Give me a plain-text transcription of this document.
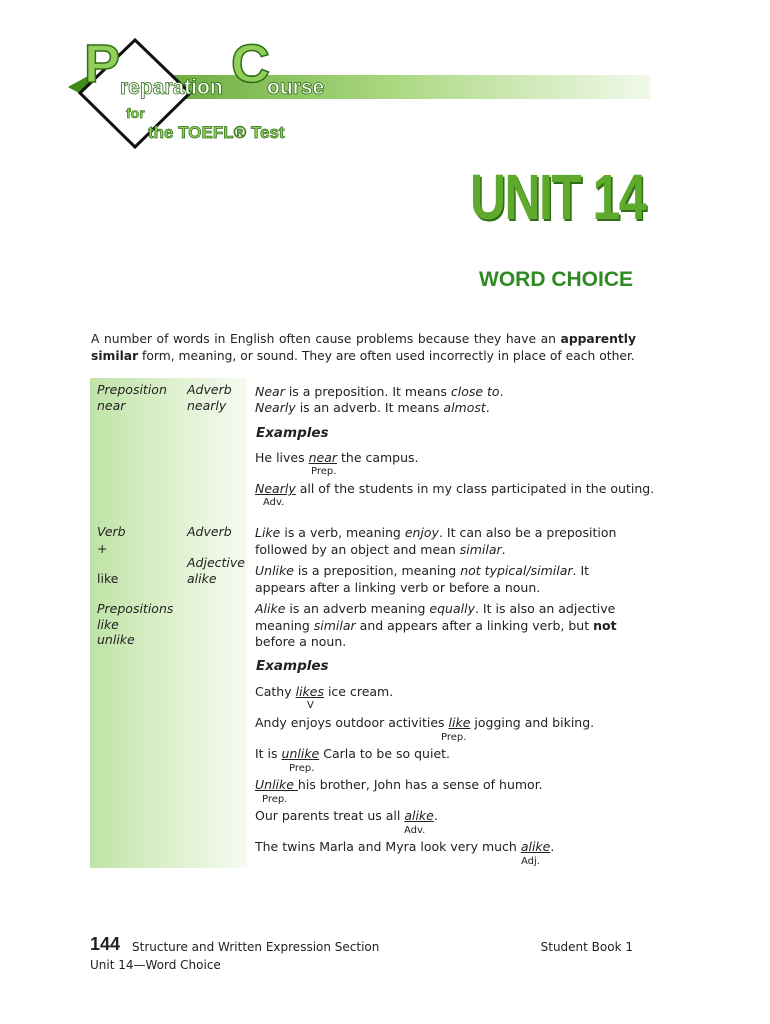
P reparation C
ourse
for
the TOEFL® Test
UNIT 14
WORD CHOICE
A number of words in English often cause problems because they have an apparently similar form, meaning, or sound. They are often used incorrectly in place of each other.
Preposition
near
Adverb
nearly
Near is a preposition. It means close to.
Nearly is an adverb. It means almost.
Examples
He lives near the campus.
Prep.
Nearly all of the students in my class participated in the outing.
Adv.
Verb
+
like
Adverb
Adjective
alike
Prepositions
like
unlike
Like is a verb, meaning enjoy. It can also be a preposition
followed by an object and mean similar.
Unlike is a preposition, meaning not typical/similar. It
appears after a linking verb or before a noun.
Alike is an adverb meaning equally. It is also an adjective
meaning similar and appears after a linking verb, but not
before a noun.
Examples
Cathy likes ice cream.
V
Andy enjoys outdoor activities like jogging and biking.
Prep.
It is unlike Carla to be so quiet.
Prep.
Unlike his brother, John has a sense of humor.
Prep.
Our parents treat us all alike.
Adv.
The twins Marla and Myra look very much alike.
Adj.
144 Structure and Written Expression Section
Unit 14—Word Choice
Student Book 1
